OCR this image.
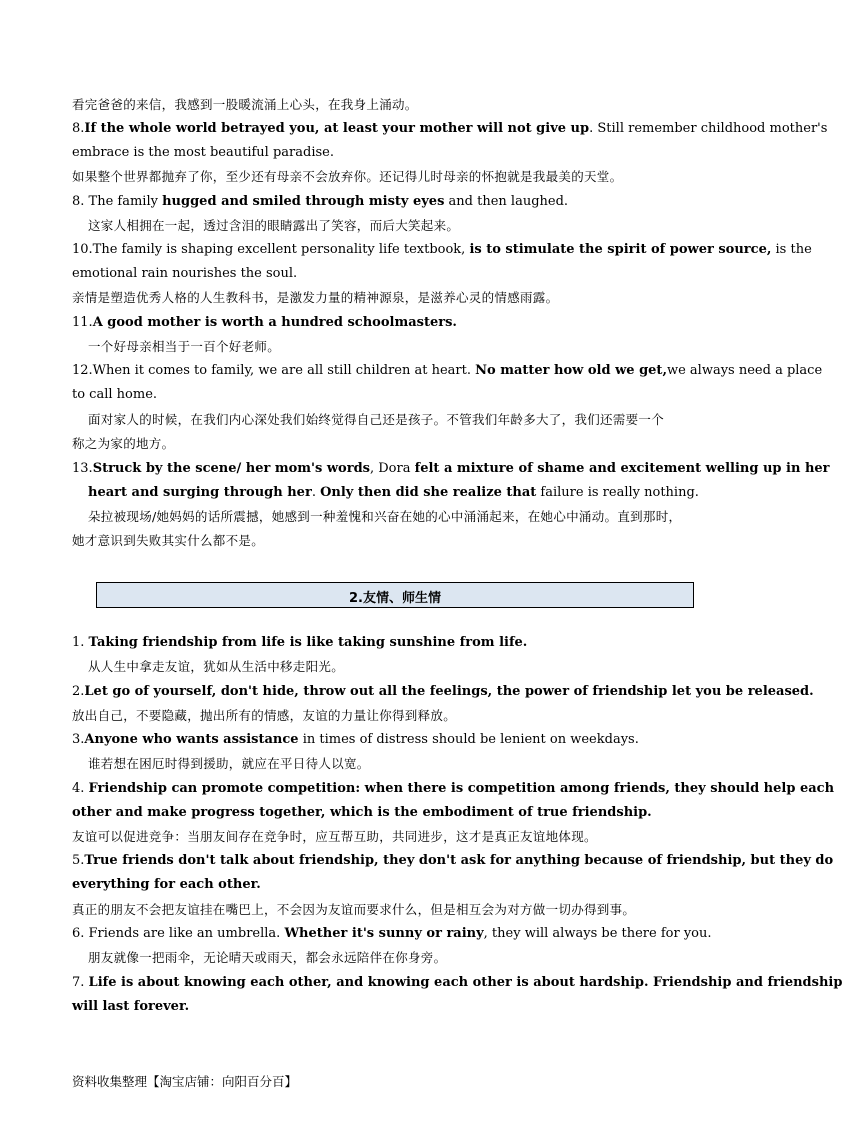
看完爸爸的来信，我感到一股暖流涌上心头，在我身上涌动。
8.If the whole world betrayed you, at least your mother will not give up. Still remember childhood mother's
embrace is the most beautiful paradise.
如果整个世界都抛弃了你，至少还有母亲不会放弃你。还记得儿时母亲的怀抱就是我最美的天堂。
8. The family hugged and smiled through misty eyes and then laughed.
这家人相拥在一起，透过含泪的眼睛露出了笑容，而后大笑起来。
10.The family is shaping excellent personality life textbook, is to stimulate the spirit of power source, is the
emotional rain nourishes the soul.
亲情是塑造优秀人格的人生教科书，是激发力量的精神源泉，是滋养心灵的情感雨露。
11.A good mother is worth a hundred schoolmasters.
一个好母亲相当于一百个好老师。
12.When it comes to family, we are all still children at heart. No matter how old we get,we always need a place
to call home.
面对家人的时候，在我们内心深处我们始终觉得自己还是孩子。不管我们年龄多大了，我们还需要一个
称之为家的地方。
13.Struck by the scene/ her mom's words, Dora felt a mixture of shame and excitement welling up in her
heart and surging through her. Only then did she realize that failure is really nothing.
朵拉被现场/她妈妈的话所震撼，她感到一种羞愧和兴奋在她的心中涌涌起来，在她心中涌动。直到那时，
她才意识到失败其实什么都不是。
2.友情、师生情
1. Taking friendship from life is like taking sunshine from life.
从人生中拿走友谊，犹如从生活中移走阳光。
2.Let go of yourself, don't hide, throw out all the feelings, the power of friendship let you be released.
放出自己，不要隐藏，抛出所有的情感，友谊的力量让你得到释放。
3.Anyone who wants assistance in times of distress should be lenient on weekdays.
谁若想在困厄时得到援助，就应在平日待人以宽。
4. Friendship can promote competition: when there is competition among friends, they should help each
other and make progress together, which is the embodiment of true friendship.
友谊可以促进竞争：当朋友间存在竞争时，应互帮互助，共同进步，这才是真正友谊地体现。
5.True friends don't talk about friendship, they don't ask for anything because of friendship, but they do
everything for each other.
真正的朋友不会把友谊挂在嘴巴上，不会因为友谊而要求什么，但是相互会为对方做一切办得到事。
6. Friends are like an umbrella. Whether it's sunny or rainy, they will always be there for you.
朋友就像一把雨伞，无论晴天或雨天，都会永远陪伴在你身旁。
7. Life is about knowing each other, and knowing each other is about hardship. Friendship and friendship
will last forever.
资料收集整理【淘宝店铺：向阳百分百】
